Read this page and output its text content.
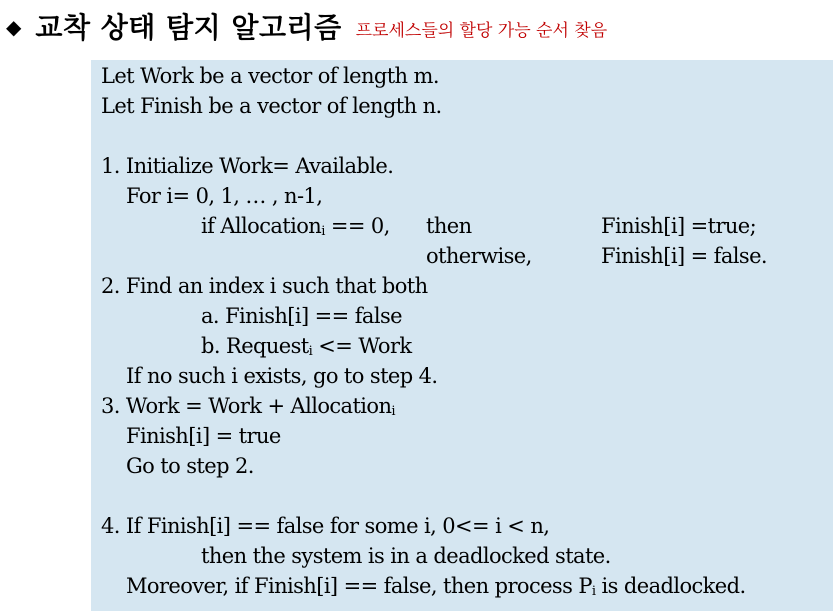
◆ 교착 상태 탐지 알고리즘 프로세스들의 할당 가능 순서 찾음
Let Work be a vector of length m.
Let Finish be a vector of length n.
1. Initialize Work= Available.
For i= 0, 1, … , n-1,
if Allocation$_i$ == 0, then	Finish[i] =true;
otherwise,	Finish[i] = false.
2. Find an index i such that both
a. Finish[i] == false
b. Request$_i$ <= Work
If no such i exists, go to step 4.
3. Work = Work + Allocation$_i$
Finish[i] = true
Go to step 2.
4. If Finish[i] == false for some i, 0<= i < n,
then the system is in a deadlocked state.
Moreover, if Finish[i] == false, then process $P_i$ is deadlocked.
